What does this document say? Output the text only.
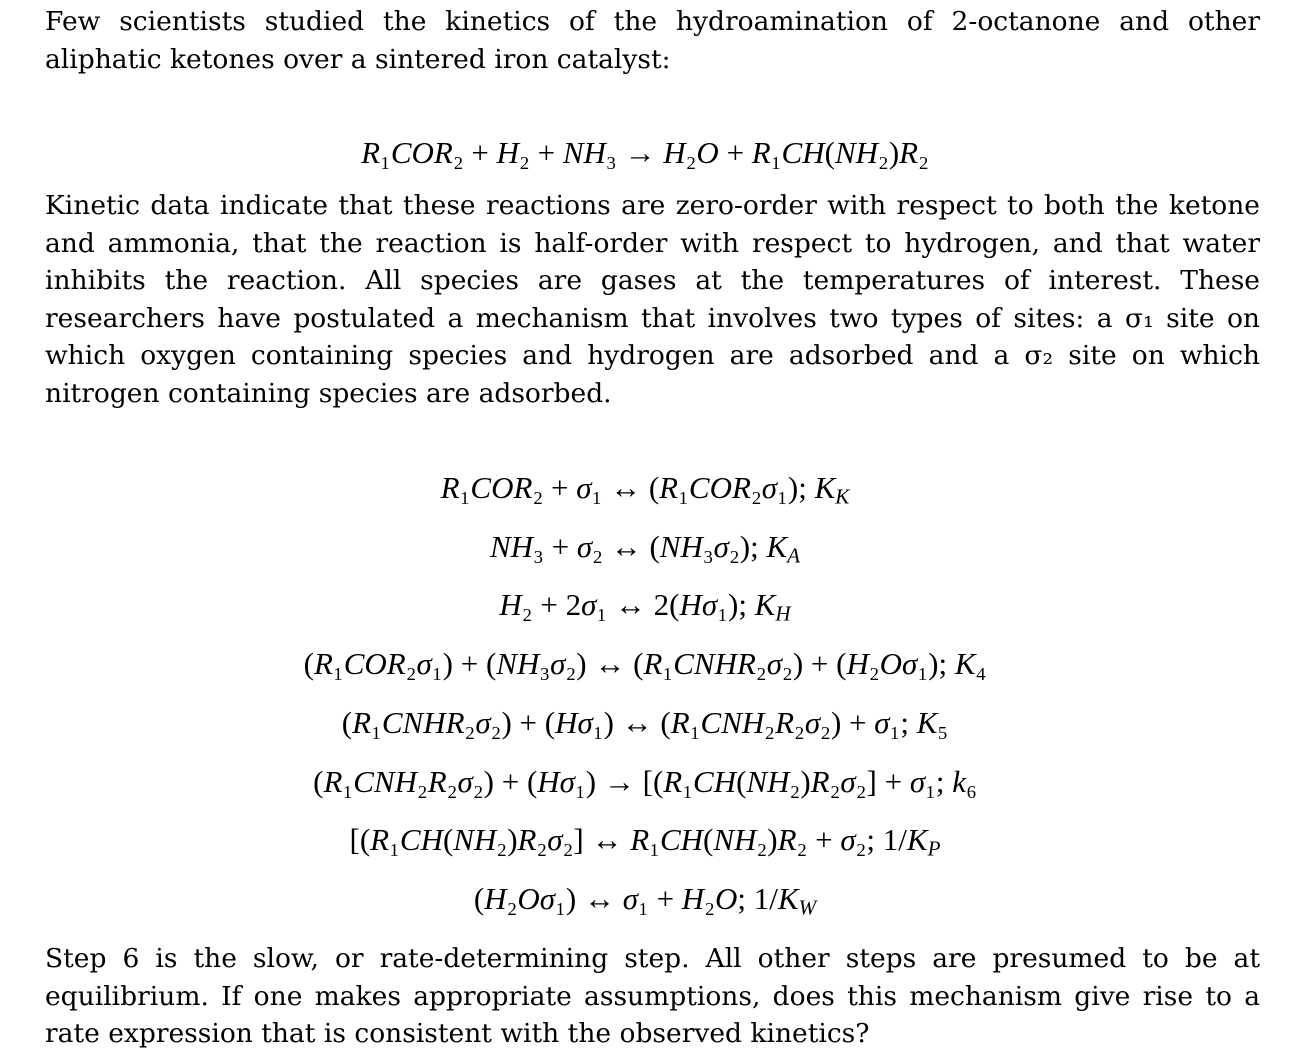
Few scientists studied the kinetics of the hydroamination of 2-octanone and other aliphatic ketones over a sintered iron catalyst:

R₁COR₂ + H₂ + NH₃ → H₂O + R₁CH(NH₂)R₂

Kinetic data indicate that these reactions are zero-order with respect to both the ketone and ammonia, that the reaction is half-order with respect to hydrogen, and that water inhibits the reaction. All species are gases at the temperatures of interest. These researchers have postulated a mechanism that involves two types of sites: a σ₁ site on which oxygen containing species and hydrogen are adsorbed and a σ₂ site on which nitrogen containing species are adsorbed.

R₁COR₂ + σ₁ ↔ (R₁COR₂σ₁); $K_K$
NH₃ + σ₂ ↔ (NH₃σ₂); $K_A$
H₂ + 2σ₁ ↔ 2(Hσ₁); $K_H$
(R₁COR₂σ₁) + (NH₃σ₂) ↔ (R₁CNHR₂σ₂) + (H₂Oσ₁); K₄
(R₁CNHR₂σ₂) + (Hσ₁) ↔ (R₁CNH₂R₂σ₂) + σ₁; K₅
(R₁CNH₂R₂σ₂) + (Hσ₁) → [(R₁CH(NH₂)R₂σ₂] + σ₁; k₆
[(R₁CH(NH₂)R₂σ₂] ↔ R₁CH(NH₂)R₂ + σ₂; $1/K_P$
(H₂Oσ₁) ↔ σ₁ + H₂O; $1/K_W$

Step 6 is the slow, or rate-determining step. All other steps are presumed to be at equilibrium. If one makes appropriate assumptions, does this mechanism give rise to a rate expression that is consistent with the observed kinetics?
